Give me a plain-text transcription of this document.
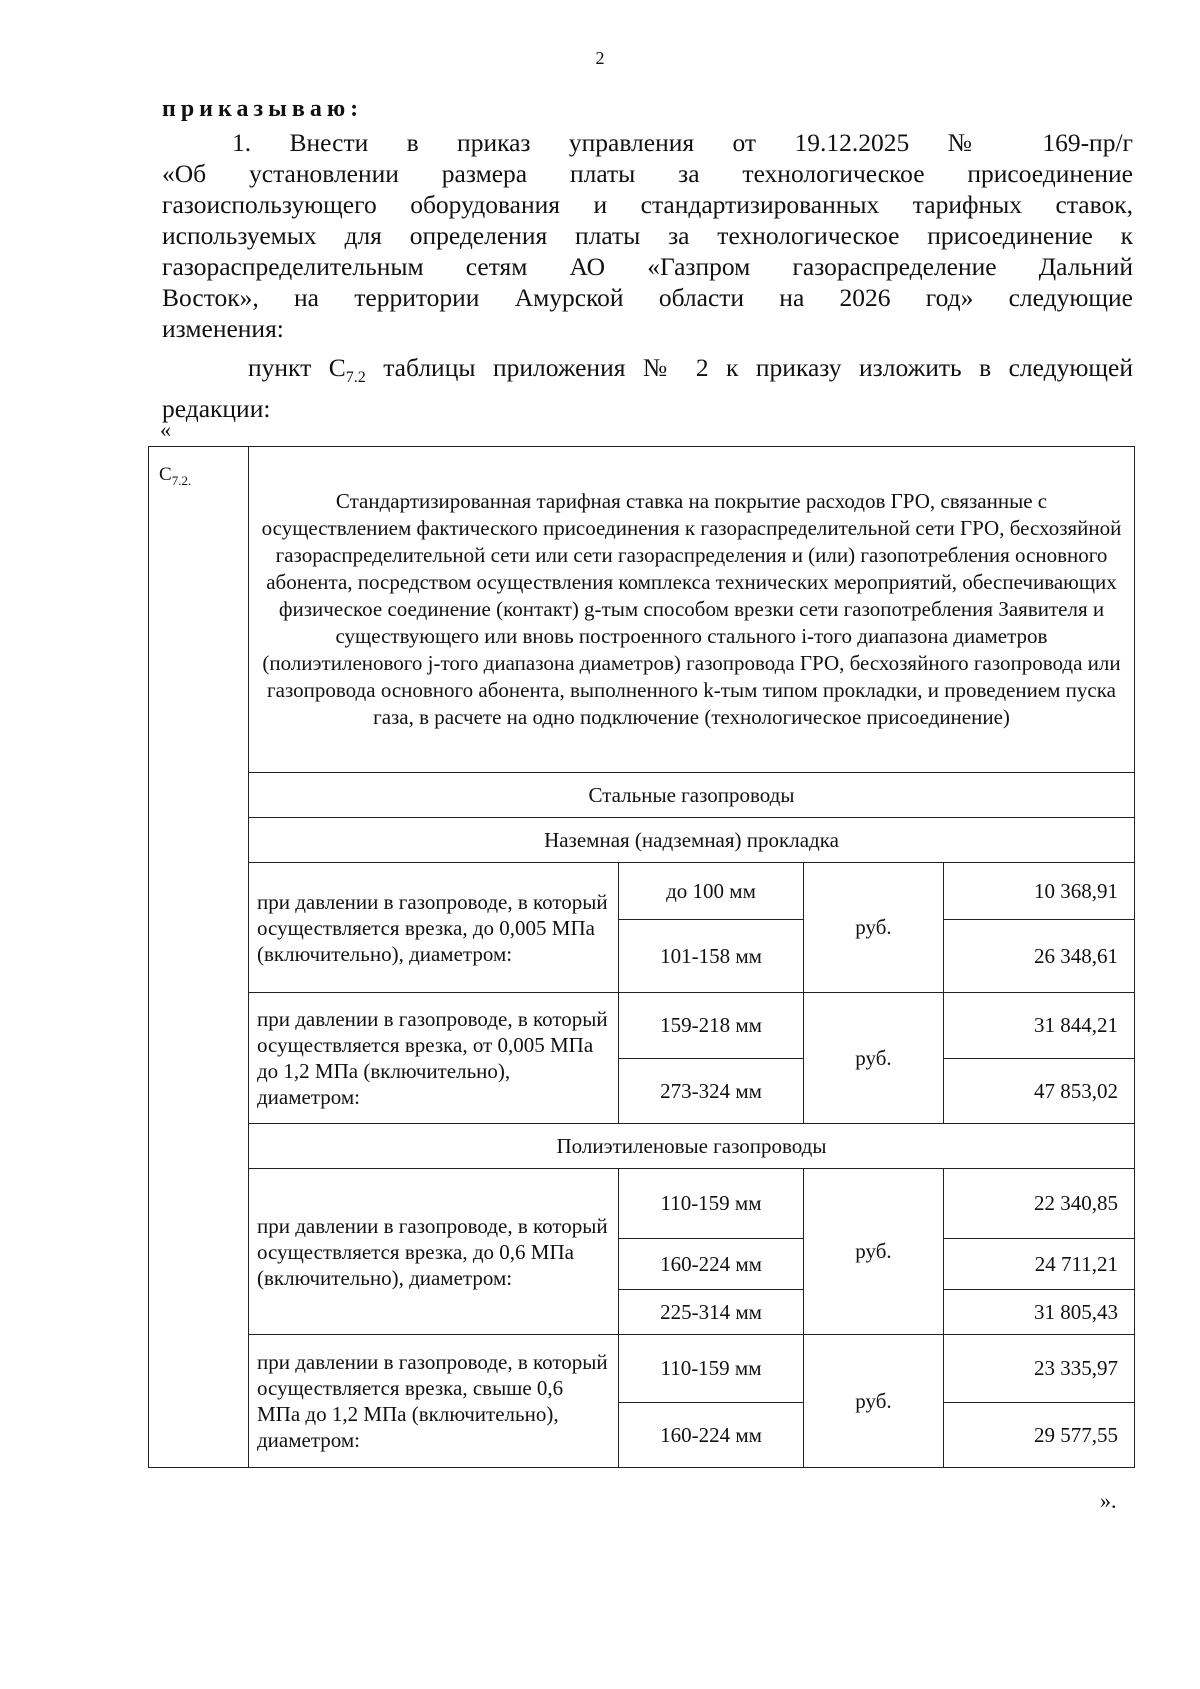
2
приказываю:
1. Внести в приказ управления от 19.12.2025 № 169-пр/г
«Об установлении размера платы за технологическое присоединение
газоиспользующего оборудования и стандартизированных тарифных ставок,
используемых для определения платы за технологическое присоединение к
газораспределительным сетям АО «Газпром газораспределение Дальний
Восток», на территории Амурской области на 2026 год» следующие
изменения:
пункт $С_{7.2}$ таблицы приложения № 2 к приказу изложить в следующей
редакции:
«
$C_{7.2.}$	Стандартизированная тарифная ставка на покрытие расходов ГРО, связанные с осуществлением фактического присоединения к газораспределительной сети ГРО, бесхозяйной газораспределительной сети или сети газораспределения и (или) газопотребления основного абонента, посредством осуществления комплекса технических мероприятий, обеспечивающих физическое соединение (контакт) g-тым способом врезки сети газопотребления Заявителя и существующего или вновь построенного стального i-того диапазона диаметров (полиэтиленового j-того диапазона диаметров) газопровода ГРО, бесхозяйного газопровода или газопровода основного абонента, выполненного k-тым типом прокладки, и проведением пуска газа, в расчете на одно подключение (технологическое присоединение)			
	Стальные газопроводы			
	Наземная (надземная) прокладка			
	при давлении в газопроводе, в который осуществляется врезка, до 0,005 МПа (включительно), диаметром:	до 100 мм	руб.	10 368,91
		101-158 мм		26 348,61
	при давлении в газопроводе, в который осуществляется врезка, от 0,005 МПа до 1,2 МПа (включительно), диаметром:	159-218 мм	руб.	31 844,21
		273-324 мм		47 853,02
	Полиэтиленовые газопроводы			
	при давлении в газопроводе, в который осуществляется врезка, до 0,6 МПа (включительно), диаметром:	110-159 мм	руб.	22 340,85
		160-224 мм		24 711,21
		225-314 мм		31 805,43
	при давлении в газопроводе, в который осуществляется врезка, свыше 0,6 МПа до 1,2 МПа (включительно), диаметром:	110-159 мм	руб.	23 335,97
		160-224 мм		29 577,55
».
